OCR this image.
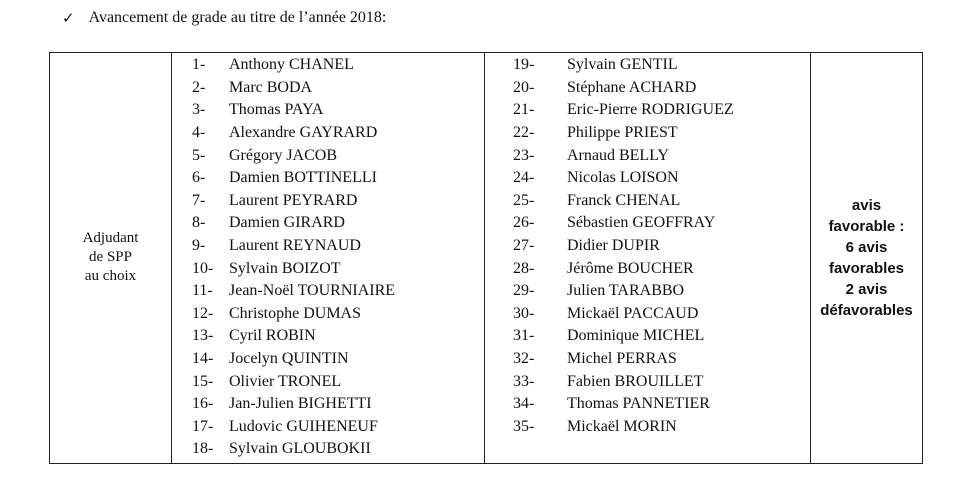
✓ Avancement de grade au titre de l’année 2018:
Adjudant
de SPP
au choix

1-	Anthony CHANEL
2-	Marc BODA
3-	Thomas PAYA
4-	Alexandre GAYRARD
5-	Grégory JACOB
6-	Damien BOTTINELLI
7-	Laurent PEYRARD
8-	Damien GIRARD
9-	Laurent REYNAUD
10- Sylvain BOIZOT
11-	Jean-Noël TOURNIAIRE
12- Christophe DUMAS
13- Cyril ROBIN
14- Jocelyn QUINTIN
15- Olivier TRONEL
16- Jan-Julien BIGHETTI
17- Ludovic GUIHENEUF
18- Sylvain GLOUBOKII

19-	Sylvain GENTIL
20-	Stéphane ACHARD
21-	Eric-Pierre RODRIGUEZ
22-	Philippe PRIEST
23-	Arnaud BELLY
24-	Nicolas LOISON
25-	Franck CHENAL
26-	Sébastien GEOFFRAY
27-	Didier DUPIR
28-	Jérôme BOUCHER
29-	Julien TARABBO
30-	Mickaël PACCAUD
31-	Dominique MICHEL
32-	Michel PERRAS
33-	Fabien BROUILLET
34-	Thomas PANNETIER
35-	Mickaël MORIN

avis
favorable :
6 avis
favorables
2 avis
défavorables
